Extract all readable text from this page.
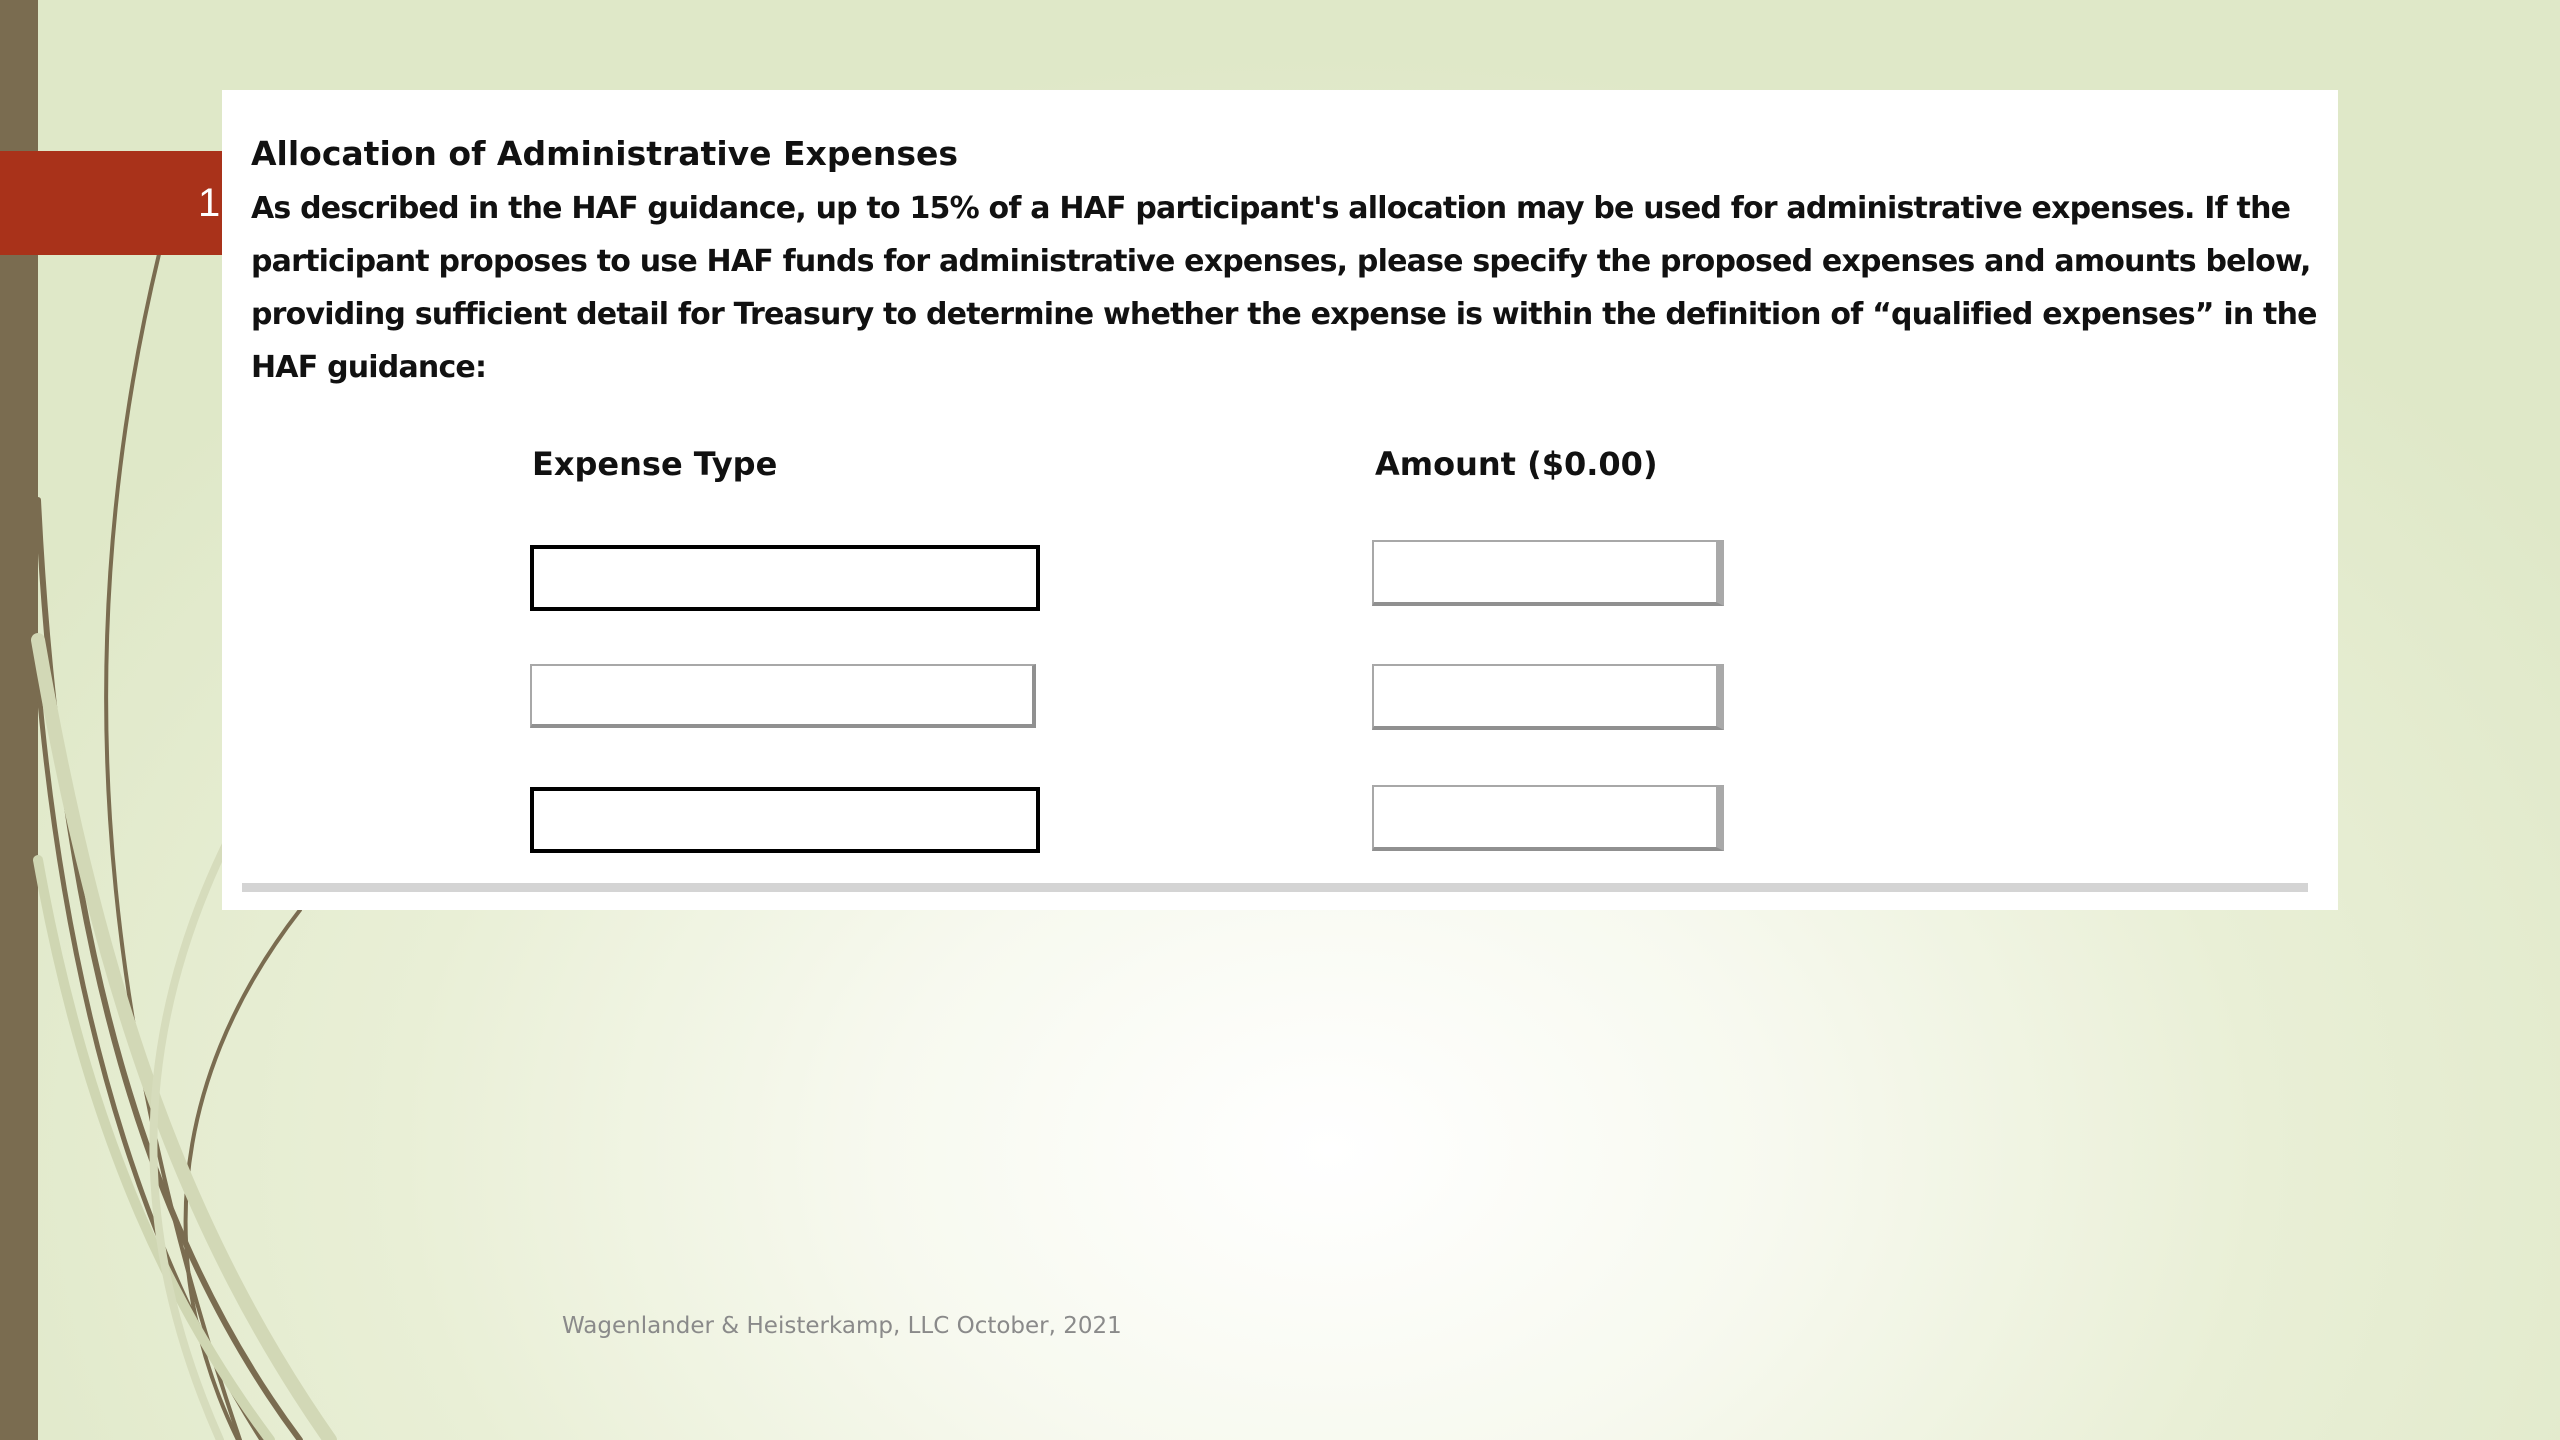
1
Allocation of Administrative Expenses

As described in the HAF guidance, up to 15% of a HAF participant's allocation may be used for administrative expenses. If the participant proposes to use HAF funds for administrative expenses, please specify the proposed expenses and amounts below, providing sufficient detail for Treasury to determine whether the expense is within the definition of “qualified expenses” in the HAF guidance:

Expense Type	Amount ($0.00)
Wagenlander & Heisterkamp, LLC October, 2021
